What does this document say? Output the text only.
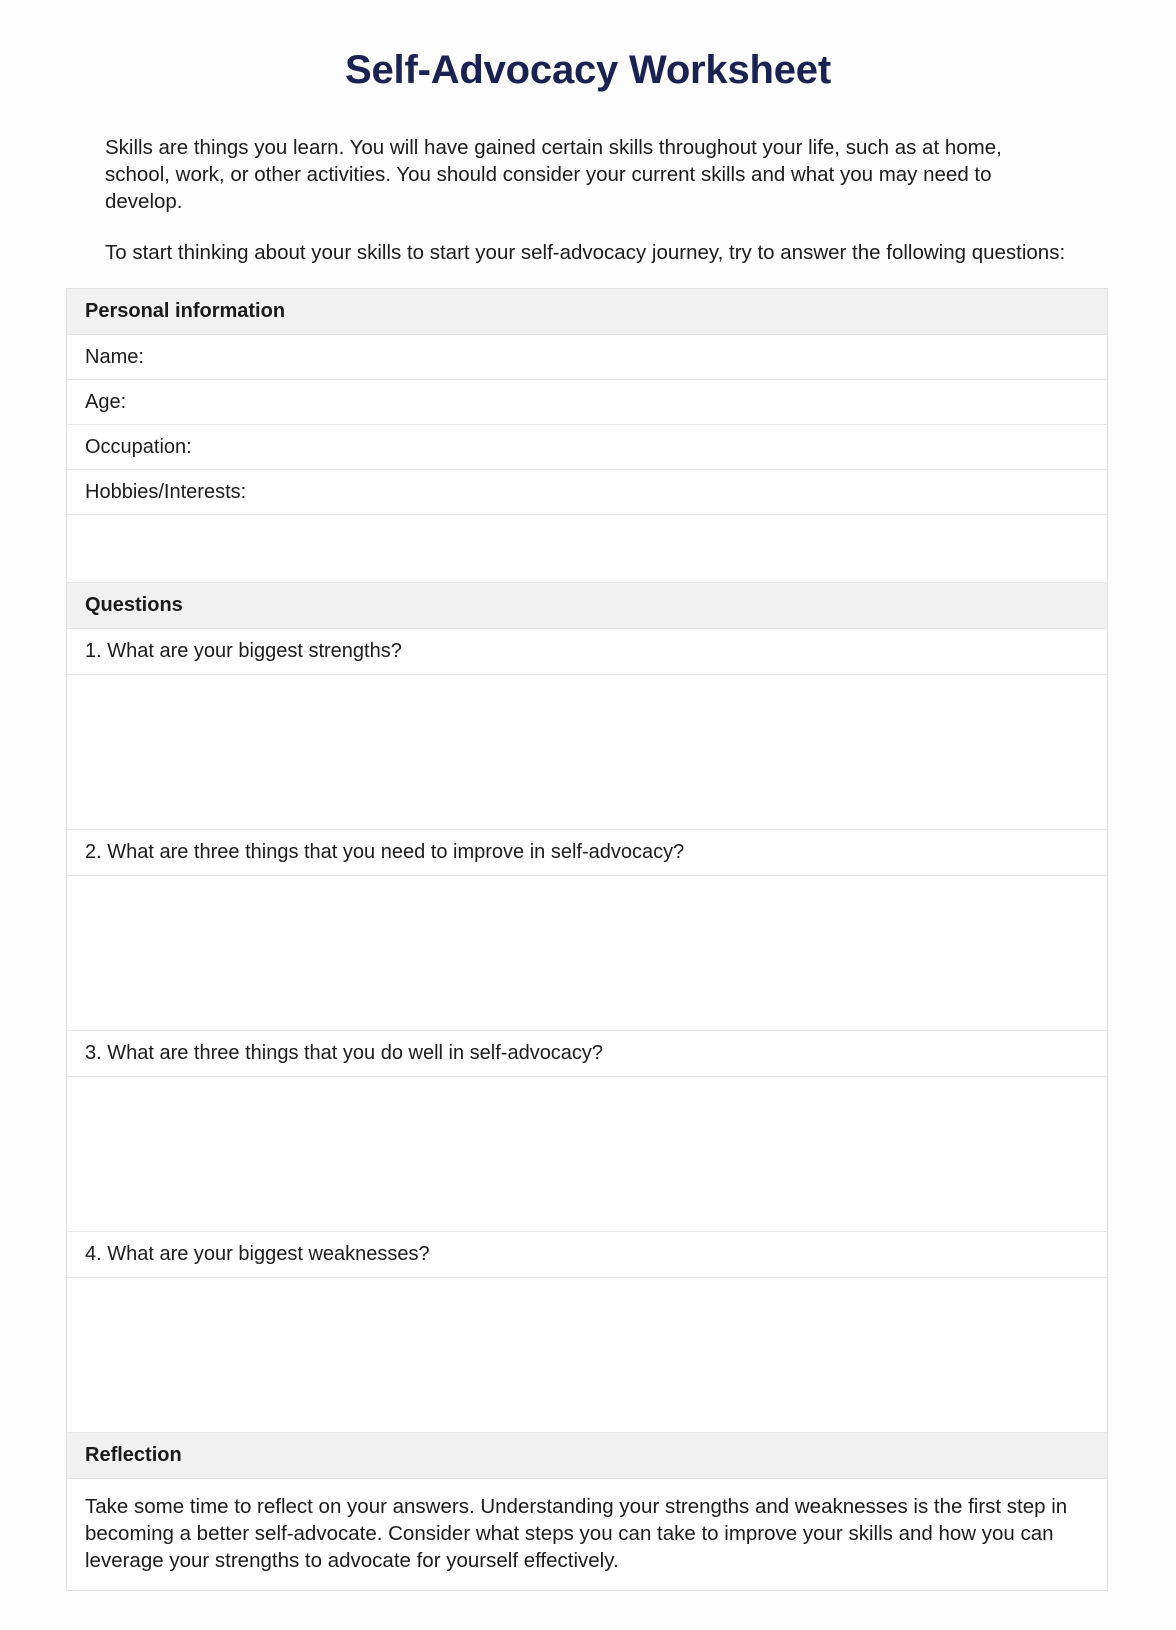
Self-Advocacy Worksheet

Skills are things you learn. You will have gained certain skills throughout your life, such as at home, school, work, or other activities. You should consider your current skills and what you may need to develop.

To start thinking about your skills to start your self-advocacy journey, try to answer the following questions:

Personal information
Name:
Age:
Occupation:
Hobbies/Interests:
Questions
1. What are your biggest strengths?
2. What are three things that you need to improve in self-advocacy?
3. What are three things that you do well in self-advocacy?
4. What are your biggest weaknesses?
Reflection
Take some time to reflect on your answers. Understanding your strengths and weaknesses is the first step in becoming a better self-advocate. Consider what steps you can take to improve your skills and how you can leverage your strengths to advocate for yourself effectively.
